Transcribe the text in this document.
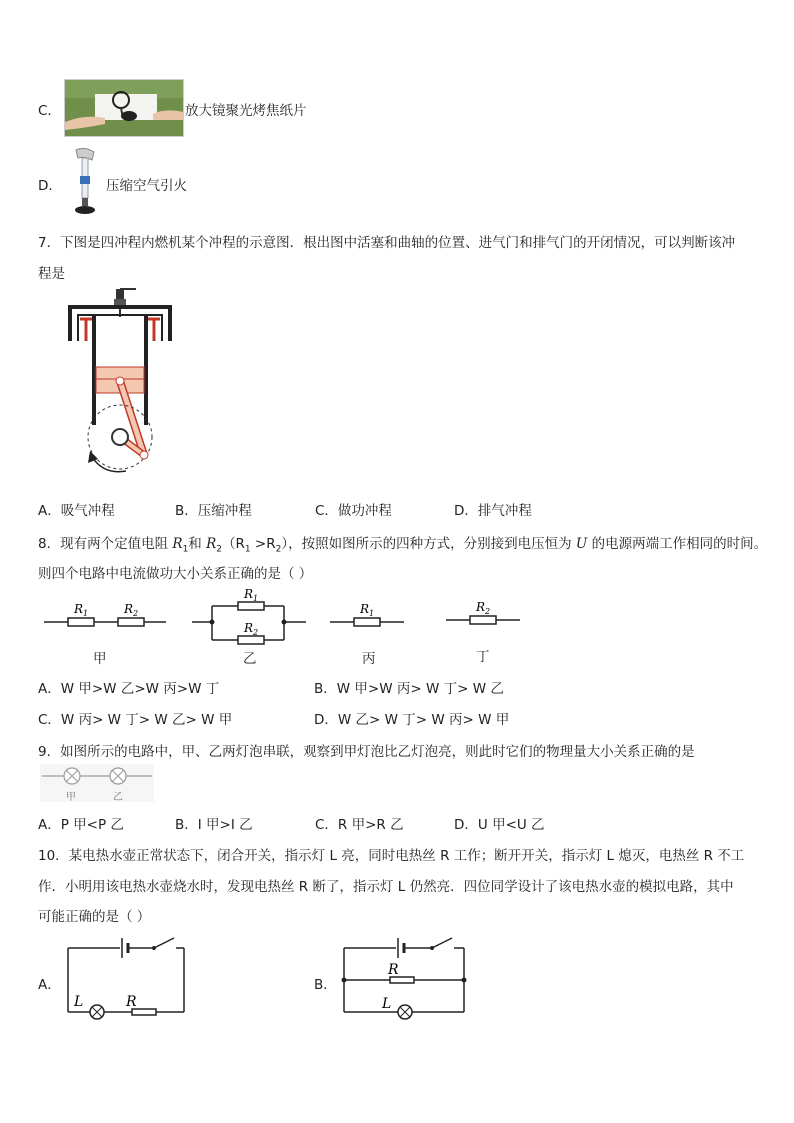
C．	放大镜聚光烤焦纸片
D．	压缩空气引火
7．下图是四冲程内燃机某个冲程的示意图．根出图中活塞和曲轴的位置、进气门和排气门的开闭情况，可以判断该冲
程是
A．吸气冲程	B．压缩冲程	C．做功冲程	D．排气冲程
8．现有两个定值电阻 $R_1$和 $R_2(R_1 >R_2)$，按照如图所示的四种方式，分别接到电压恒为 U 的电源两端工作相同的时间。
则四个电路中电流做功大小关系正确的是（ ）
$R_1$	$R_2$
甲
$R_1$
$R_2$
乙
$R_1$
丙
$R_2$
丁
A．W 甲>W 乙>W 丙>W 丁	B．W 甲>W 丙> W 丁> W 乙
C．W 丙> W 丁> W 乙> W 甲	D．W 乙> W 丁> W 丙> W 甲
9．如图所示的电路中，甲、乙两灯泡串联，观察到甲灯泡比乙灯泡亮，则此时它们的物理量大小关系正确的是
甲	乙
A．P 甲<P 乙	B．I 甲>I 乙	C．R 甲>R 乙	D．U 甲<U 乙
10．某电热水壶正常状态下，闭合开关，指示灯 L 亮，同时电热丝 R 工作；断开开关，指示灯 L 熄灭，电热丝 R 不工
作．小明用该电热水壶烧水时，发现电热丝 R 断了，指示灯 L 仍然亮．四位同学设计了该电热水壶的模拟电路，其中
可能正确的是（ ）
A．
L	R
B．
R
L
